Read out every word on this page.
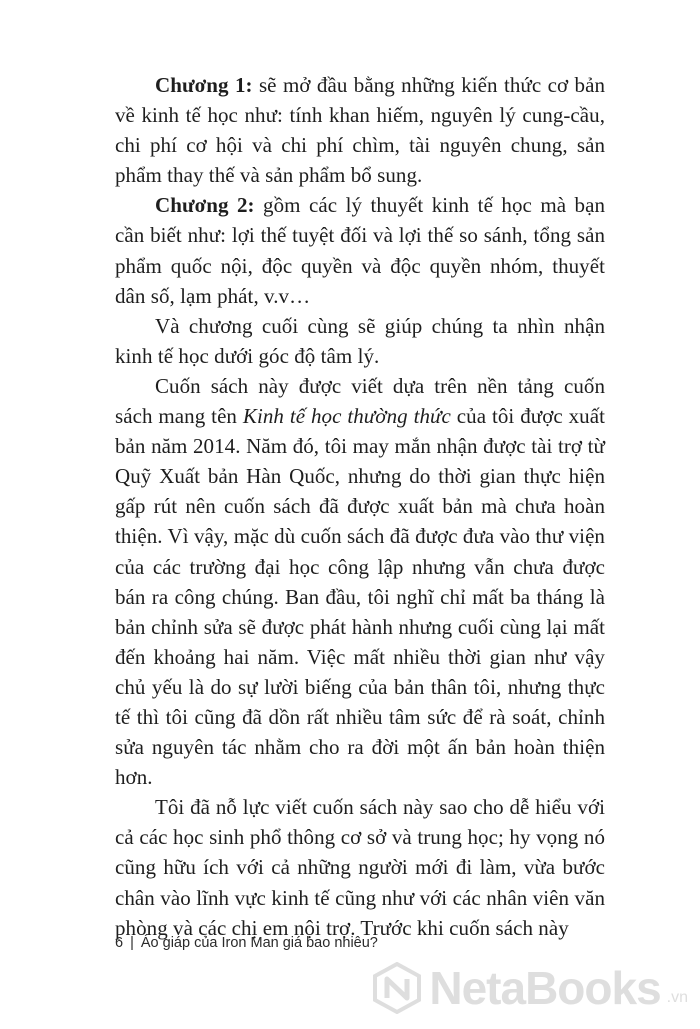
Chương 1: sẽ mở đầu bằng những kiến thức cơ bản về kinh tế học như: tính khan hiếm, nguyên lý cung-cầu, chi phí cơ hội và chi phí chìm, tài nguyên chung, sản phẩm thay thế và sản phẩm bổ sung.

Chương 2: gồm các lý thuyết kinh tế học mà bạn cần biết như: lợi thế tuyệt đối và lợi thế so sánh, tổng sản phẩm quốc nội, độc quyền và độc quyền nhóm, thuyết dân số, lạm phát, v.v…

Và chương cuối cùng sẽ giúp chúng ta nhìn nhận kinh tế học dưới góc độ tâm lý.

Cuốn sách này được viết dựa trên nền tảng cuốn sách mang tên Kinh tế học thường thức của tôi được xuất bản năm 2014. Năm đó, tôi may mắn nhận được tài trợ từ Quỹ Xuất bản Hàn Quốc, nhưng do thời gian thực hiện gấp rút nên cuốn sách đã được xuất bản mà chưa hoàn thiện. Vì vậy, mặc dù cuốn sách đã được đưa vào thư viện của các trường đại học công lập nhưng vẫn chưa được bán ra công chúng. Ban đầu, tôi nghĩ chỉ mất ba tháng là bản chỉnh sửa sẽ được phát hành nhưng cuối cùng lại mất đến khoảng hai năm. Việc mất nhiều thời gian như vậy chủ yếu là do sự lười biếng của bản thân tôi, nhưng thực tế thì tôi cũng đã dồn rất nhiều tâm sức để rà soát, chỉnh sửa nguyên tác nhằm cho ra đời một ấn bản hoàn thiện hơn.

Tôi đã nỗ lực viết cuốn sách này sao cho dễ hiểu với cả các học sinh phổ thông cơ sở và trung học; hy vọng nó cũng hữu ích với cả những người mới đi làm, vừa bước chân vào lĩnh vực kinh tế cũng như với các nhân viên văn phòng và các chị em nội trợ. Trước khi cuốn sách này

6 | Áo giáp của Iron Man giá bao nhiêu?
NetaBooks .vn
